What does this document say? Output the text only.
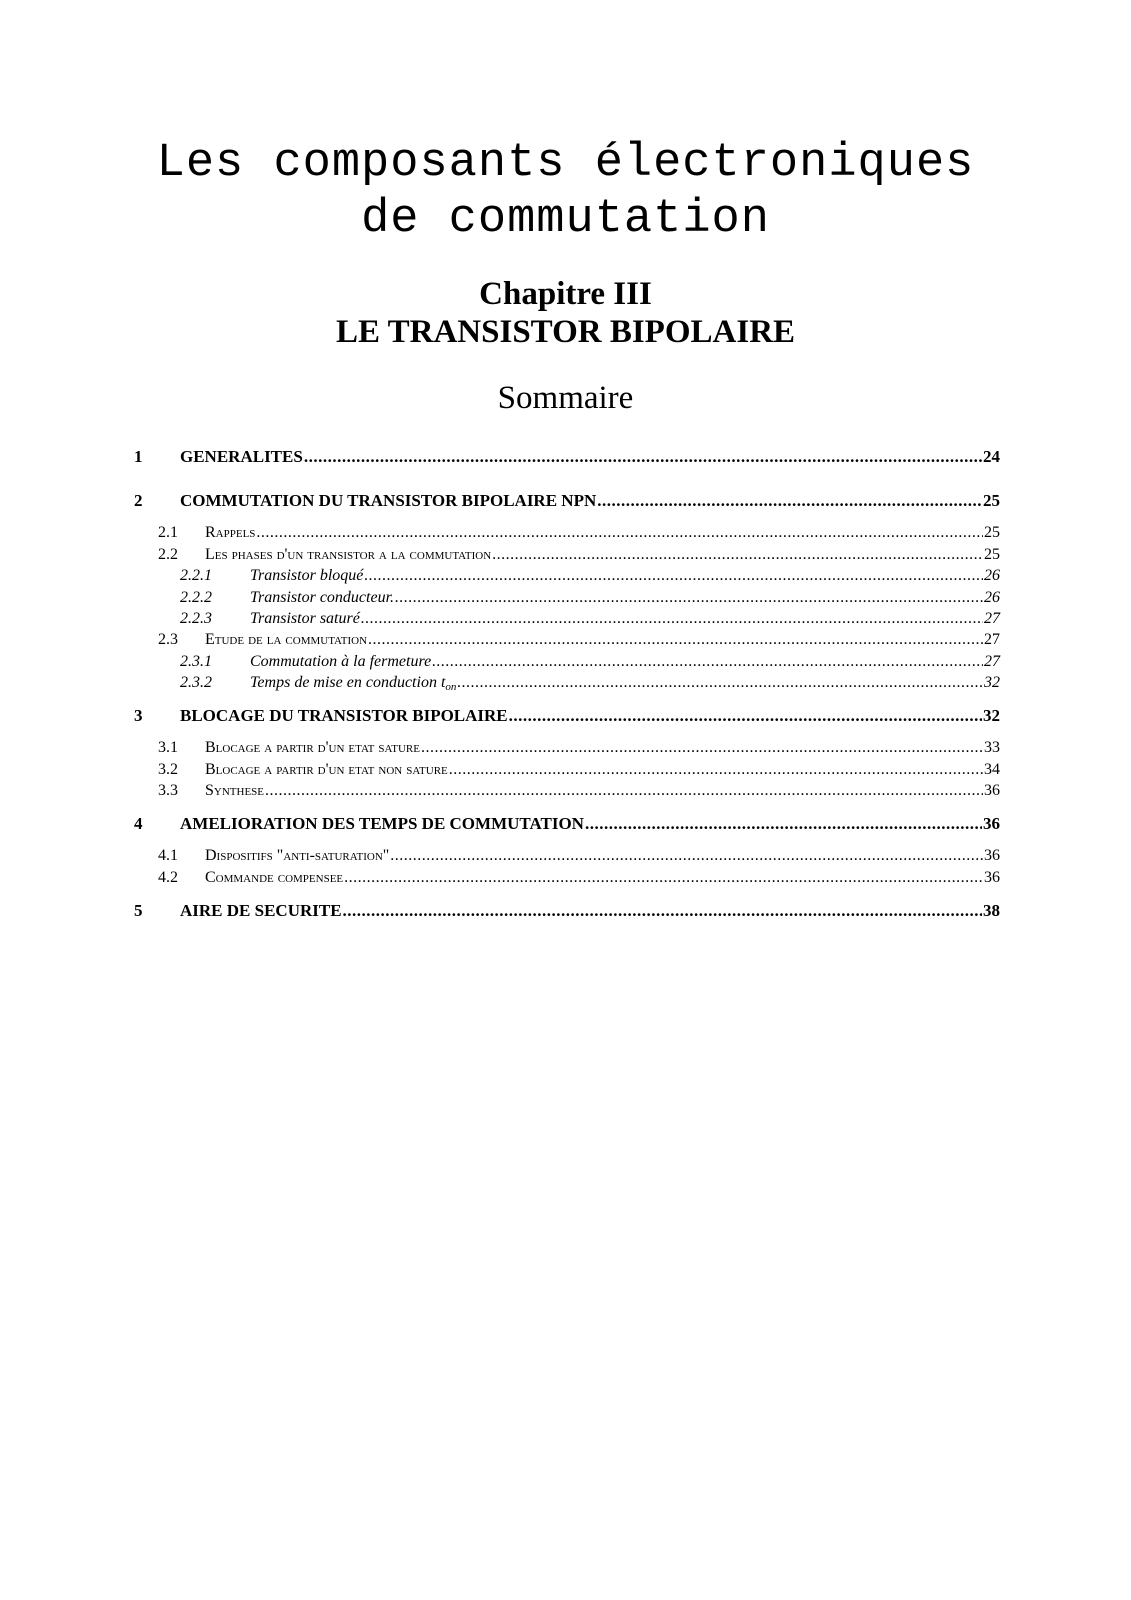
Les composants électroniques
de commutation
Chapitre III
LE TRANSISTOR BIPOLAIRE
Sommaire
1	GENERALITES .....	24
2	COMMUTATION DU TRANSISTOR BIPOLAIRE NPN .....	25
2.1	Rappels .....	25
2.2	Les phases d'un transistor a la commutation .....	25
2.2.1	Transistor bloqué .....	26
2.2.2	Transistor conducteur. .....	26
2.2.3	Transistor saturé .....	27
2.3	Etude de la commutation .....	27
2.3.1	Commutation à la fermeture .....	27
2.3.2	Temps de mise en conduction $t_{on}$ .....	32
3	BLOCAGE DU TRANSISTOR BIPOLAIRE .....	32
3.1	Blocage a partir d'un etat sature .....	33
3.2	Blocage a partir d'un etat non sature .....	34
3.3	Synthese .....	36
4	AMELIORATION DES TEMPS DE COMMUTATION .....	36
4.1	Dispositifs "anti-saturation" .....	36
4.2	Commande compensee .....	36
5	AIRE DE SECURITE .....	38
